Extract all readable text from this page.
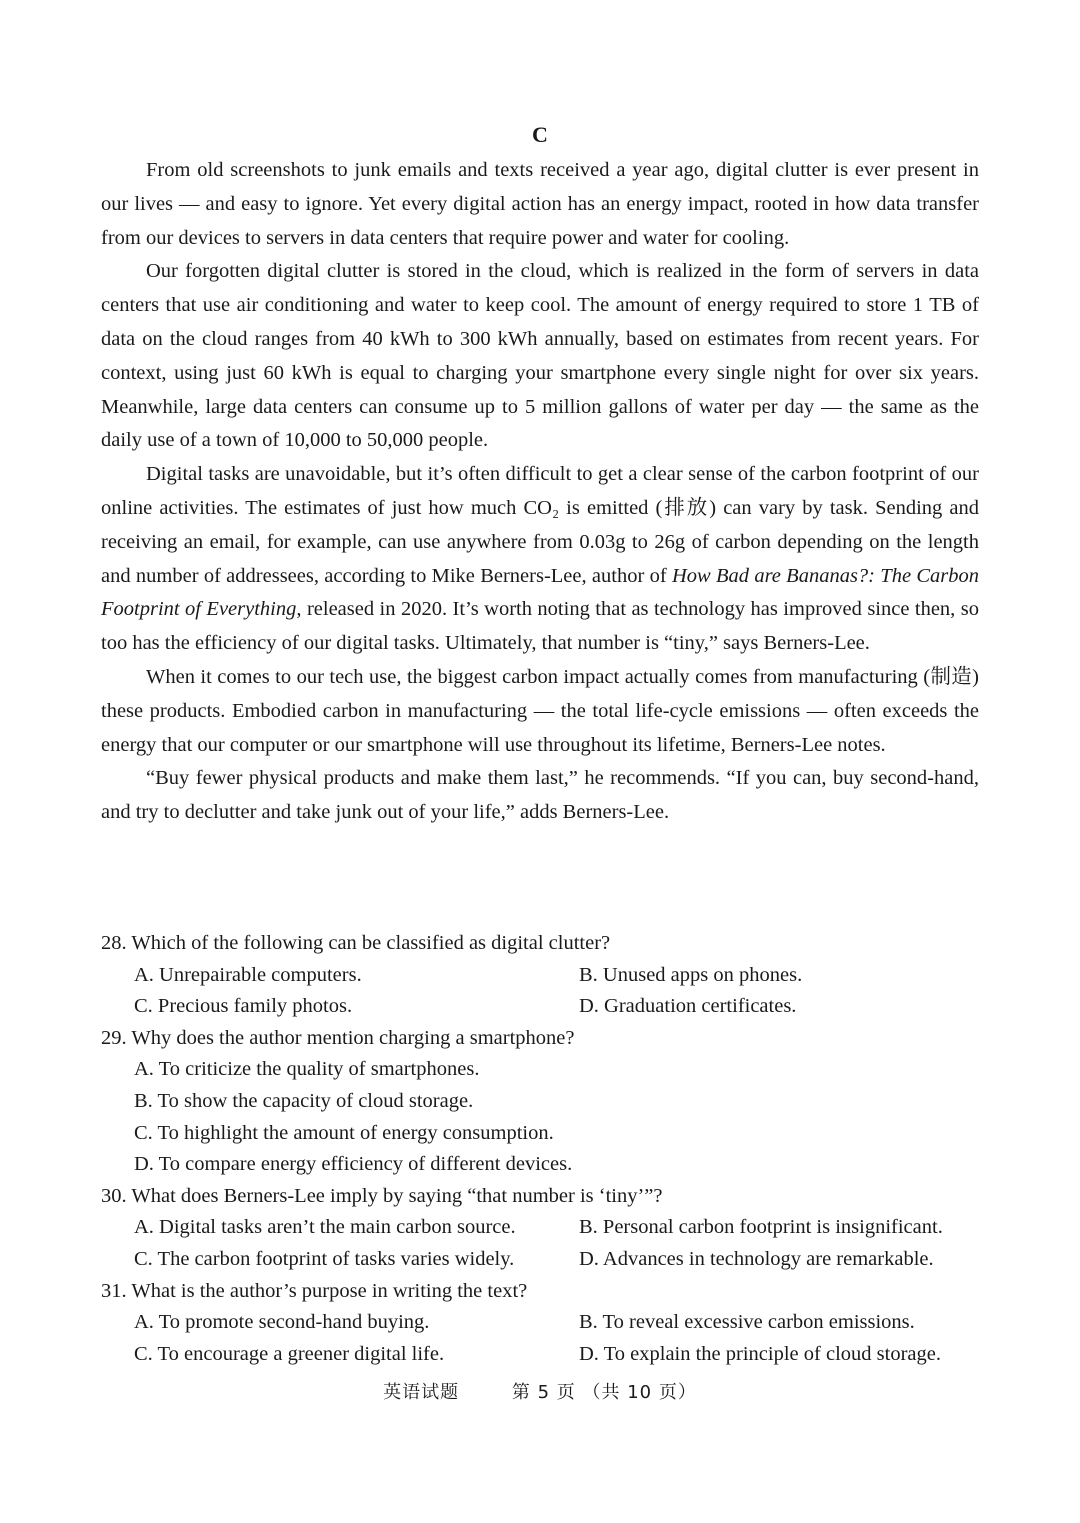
C

From old screenshots to junk emails and texts received a year ago, digital clutter is ever present in our lives — and easy to ignore. Yet every digital action has an energy impact, rooted in how data transfer from our devices to servers in data centers that require power and water for cooling.

Our forgotten digital clutter is stored in the cloud, which is realized in the form of servers in data centers that use air conditioning and water to keep cool. The amount of energy required to store 1 TB of data on the cloud ranges from 40 kWh to 300 kWh annually, based on estimates from recent years. For context, using just 60 kWh is equal to charging your smartphone every single night for over six years. Meanwhile, large data centers can consume up to 5 million gallons of water per day — the same as the daily use of a town of 10,000 to 50,000 people.

Digital tasks are unavoidable, but it’s often difficult to get a clear sense of the carbon footprint of our online activities. The estimates of just how much CO₂ is emitted (排放) can vary by task. Sending and receiving an email, for example, can use anywhere from 0.03g to 26g of carbon depending on the length and number of addressees, according to Mike Berners-Lee, author of How Bad are Bananas?: The Carbon Footprint of Everything, released in 2020. It’s worth noting that as technology has improved since then, so too has the efficiency of our digital tasks. Ultimately, that number is “tiny,” says Berners-Lee.

When it comes to our tech use, the biggest carbon impact actually comes from manufacturing (制造) these products. Embodied carbon in manufacturing — the total life-cycle emissions — often exceeds the energy that our computer or our smartphone will use throughout its lifetime, Berners-Lee notes.

“Buy fewer physical products and make them last,” he recommends. “If you can, buy second-hand, and try to declutter and take junk out of your life,” adds Berners-Lee.

28. Which of the following can be classified as digital clutter?
A. Unrepairable computers.	B. Unused apps on phones.
C. Precious family photos.	D. Graduation certificates.
29. Why does the author mention charging a smartphone?
A. To criticize the quality of smartphones.
B. To show the capacity of cloud storage.
C. To highlight the amount of energy consumption.
D. To compare energy efficiency of different devices.
30. What does Berners-Lee imply by saying “that number is ‘tiny’”?
A. Digital tasks aren’t the main carbon source.	B. Personal carbon footprint is insignificant.
C. The carbon footprint of tasks varies widely.	D. Advances in technology are remarkable.
31. What is the author’s purpose in writing the text?
A. To promote second-hand buying.	B. To reveal excessive carbon emissions.
C. To encourage a greener digital life.	D. To explain the principle of cloud storage.
英语试题	第 5 页 （共 10 页）
